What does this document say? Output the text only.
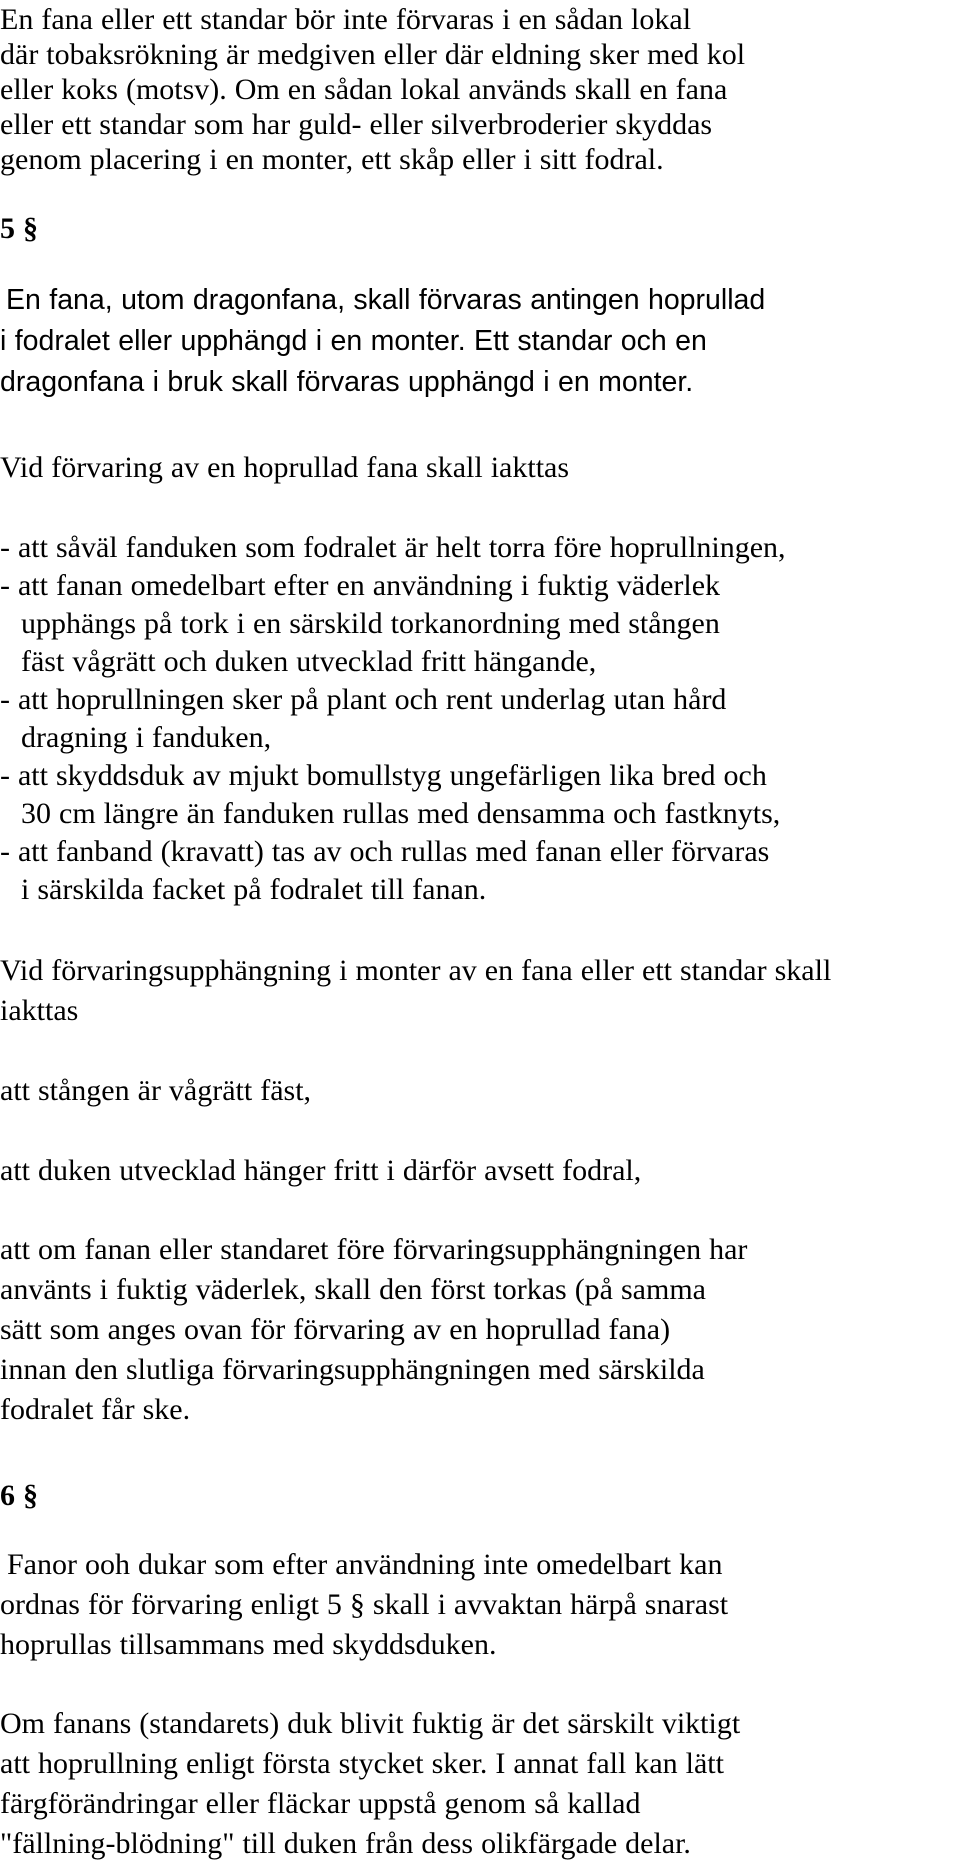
En fana eller ett standar bör inte förvaras i en sådan lokal
där tobaksrökning är medgiven eller där eldning sker med kol
eller koks (motsv). Om en sådan lokal används skall en fana
eller ett standar som har guld- eller silverbroderier skyddas
genom placering i en monter, ett skåp eller i sitt fodral.
5 §
En fana, utom dragonfana, skall förvaras antingen hoprullad
i fodralet eller upphängd i en monter. Ett standar och en
dragonfana i bruk skall förvaras upphängd i en monter.
Vid förvaring av en hoprullad fana skall iakttas
- att såväl fanduken som fodralet är helt torra före hoprullningen,
- att fanan omedelbart efter en användning i fuktig väderlek
upphängs på tork i en särskild torkanordning med stången
fäst vågrätt och duken utvecklad fritt hängande,
- att hoprullningen sker på plant och rent underlag utan hård
dragning i fanduken,
- att skyddsduk av mjukt bomullstyg ungefärligen lika bred och
30 cm längre än fanduken rullas med densamma och fastknyts,
- att fanband (kravatt) tas av och rullas med fanan eller förvaras
i särskilda facket på fodralet till fanan.
Vid förvaringsupphängning i monter av en fana eller ett standar skall
iakttas
att stången är vågrätt fäst,
att duken utvecklad hänger fritt i därför avsett fodral,
att om fanan eller standaret före förvaringsupphängningen har
använts i fuktig väderlek, skall den först torkas (på samma
sätt som anges ovan för förvaring av en hoprullad fana)
innan den slutliga förvaringsupphängningen med särskilda
fodralet får ske.
6 §
Fanor ooh dukar som efter användning inte omedelbart kan
ordnas för förvaring enligt 5 § skall i avvaktan härpå snarast
hoprullas tillsammans med skyddsduken.
Om fanans (standarets) duk blivit fuktig är det särskilt viktigt
att hoprullning enligt första stycket sker. I annat fall kan lätt
färgförändringar eller fläckar uppstå genom så kallad
"fällning-blödning" till duken från dess olikfärgade delar.
